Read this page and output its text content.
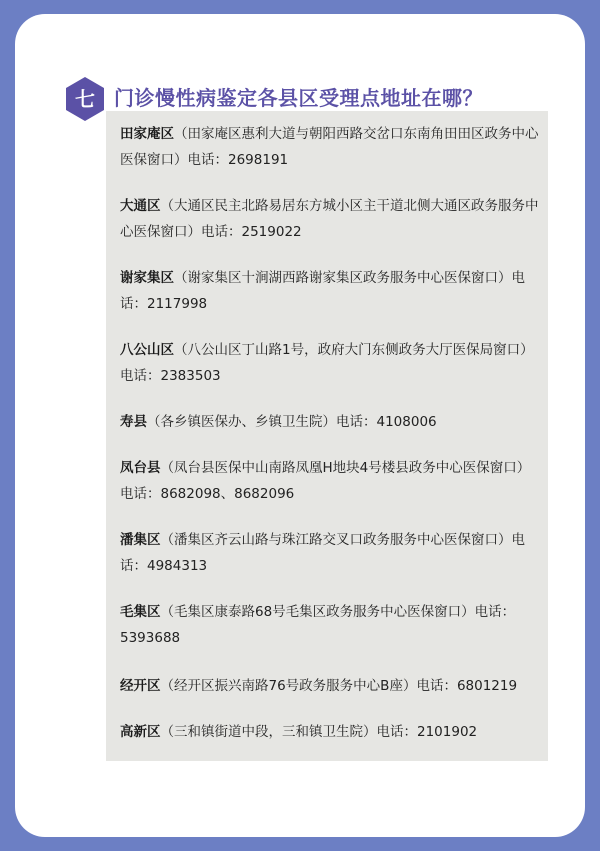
七 门诊慢性病鉴定各县区受理点地址在哪？
田家庵区（田家庵区惠利大道与朝阳西路交岔口东南角田田区政务中心医保窗口）电话：2698191
大通区（大通区民主北路易居东方城小区主干道北侧大通区政务服务中心医保窗口）电话：2519022
谢家集区（谢家集区十涧湖西路谢家集区政务服务中心医保窗口）电话：2117998
八公山区（八公山区丁山路1号，政府大门东侧政务大厅医保局窗口）电话：2383503
寿县（各乡镇医保办、乡镇卫生院）电话：4108006
凤台县（凤台县医保中山南路凤凰H地块4号楼县政务中心医保窗口）电话：8682098、8682096
潘集区（潘集区齐云山路与珠江路交叉口政务服务中心医保窗口）电话：4984313
毛集区（毛集区康泰路68号毛集区政务服务中心医保窗口）电话：5393688
经开区（经开区振兴南路76号政务服务中心B座）电话：6801219
高新区（三和镇街道中段，三和镇卫生院）电话：2101902
